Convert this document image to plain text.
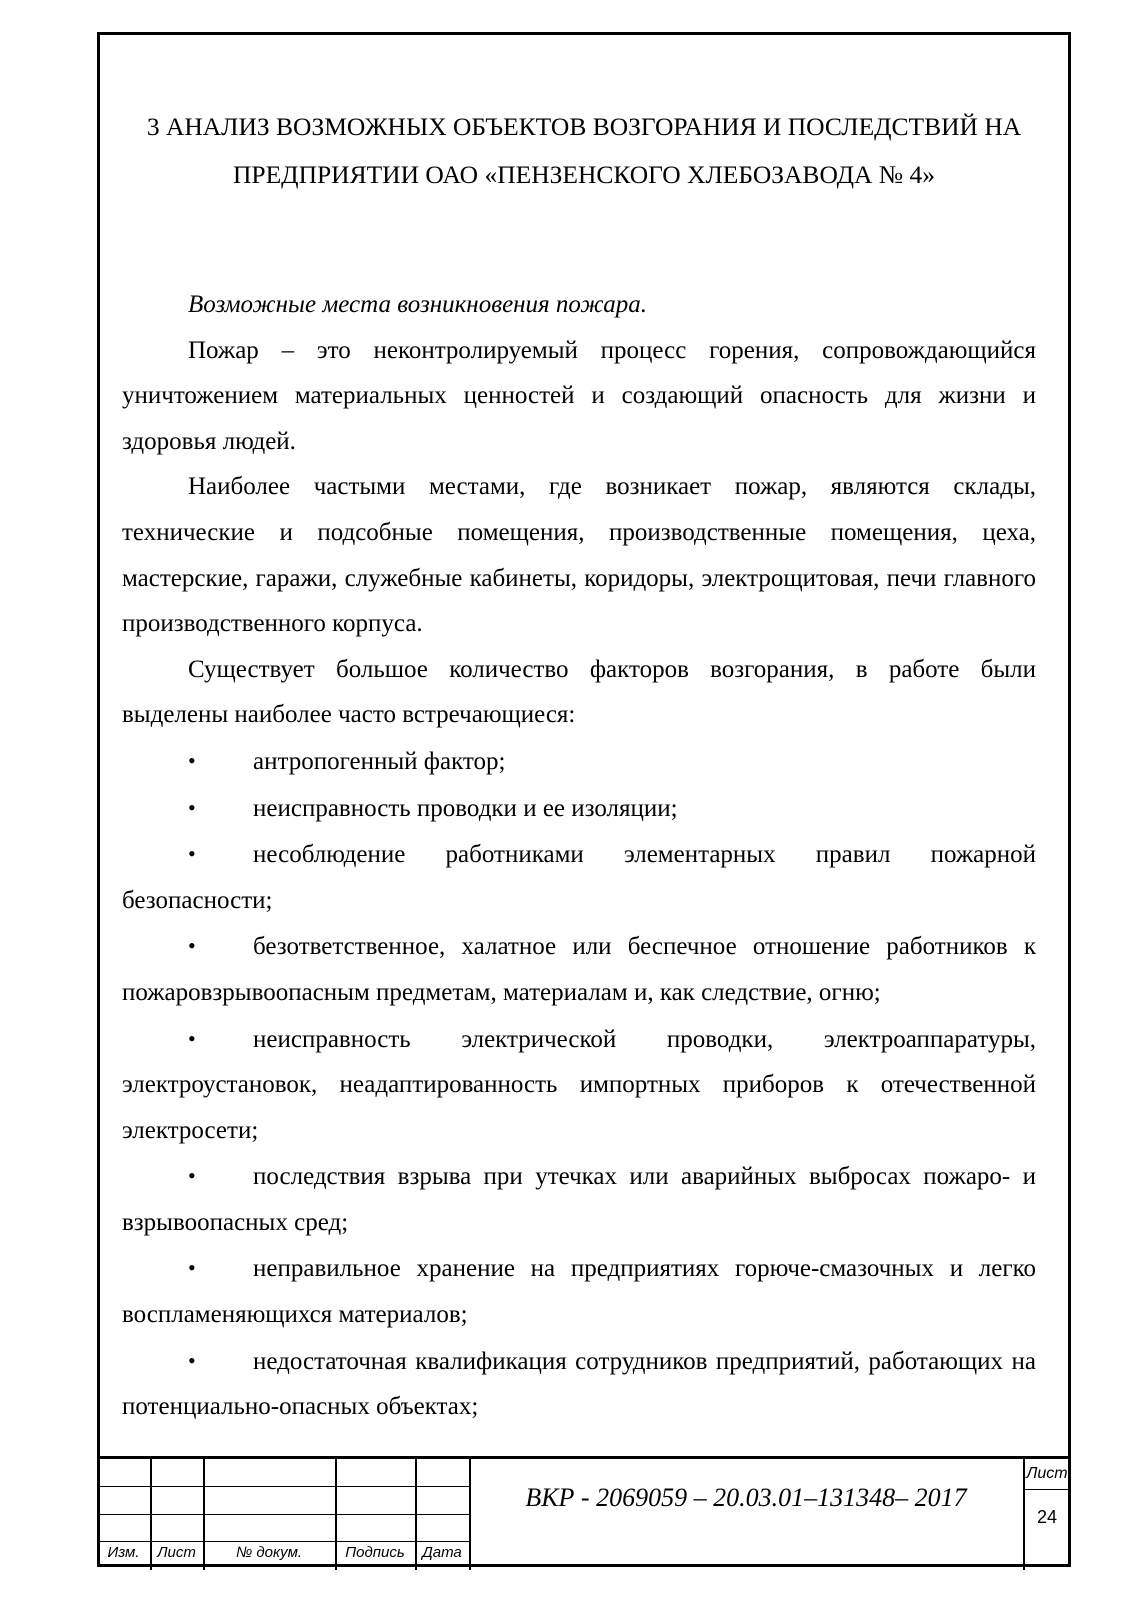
3 АНАЛИЗ ВОЗМОЖНЫХ ОБЪЕКТОВ ВОЗГОРАНИЯ И ПОСЛЕДСТВИЙ НА
ПРЕДПРИЯТИИ ОАО «ПЕНЗЕНСКОГО ХЛЕБОЗАВОДА № 4»

Возможные места возникновения пожара.

Пожар – это неконтролируемый процесс горения, сопровождающийся уничтожением материальных ценностей и создающий опасность для жизни и здоровья людей.

Наиболее частыми местами, где возникает пожар, являются склады, технические и подсобные помещения, производственные помещения, цеха, мастерские, гаражи, служебные кабинеты, коридоры, электрощитовая, печи главного производственного корпуса.

Существует большое количество факторов возгорания, в работе были выделены наиболее часто встречающиеся:

• антропогенный фактор;
• неисправность проводки и ее изоляции;
• несоблюдение работниками элементарных правил пожарной безопасности;
• безответственное, халатное или беспечное отношение работников к пожаровзрывоопасным предметам, материалам и, как следствие, огню;
• неисправность электрической проводки, электроаппаратуры, электроустановок, неадаптированность импортных приборов к отечественной электросети;
• последствия взрыва при утечках или аварийных выбросах пожаро- и взрывоопасных сред;
• неправильное хранение на предприятиях горюче-смазочных и легко воспламеняющихся материалов;
• недостаточная квалификация сотрудников предприятий, работающих на потенциально-опасных объектах;
Изм.	Лист	№ докум.	Подпись	Дата
ВКР - 2069059 – 20.03.01–131348– 2017
Лист
24
